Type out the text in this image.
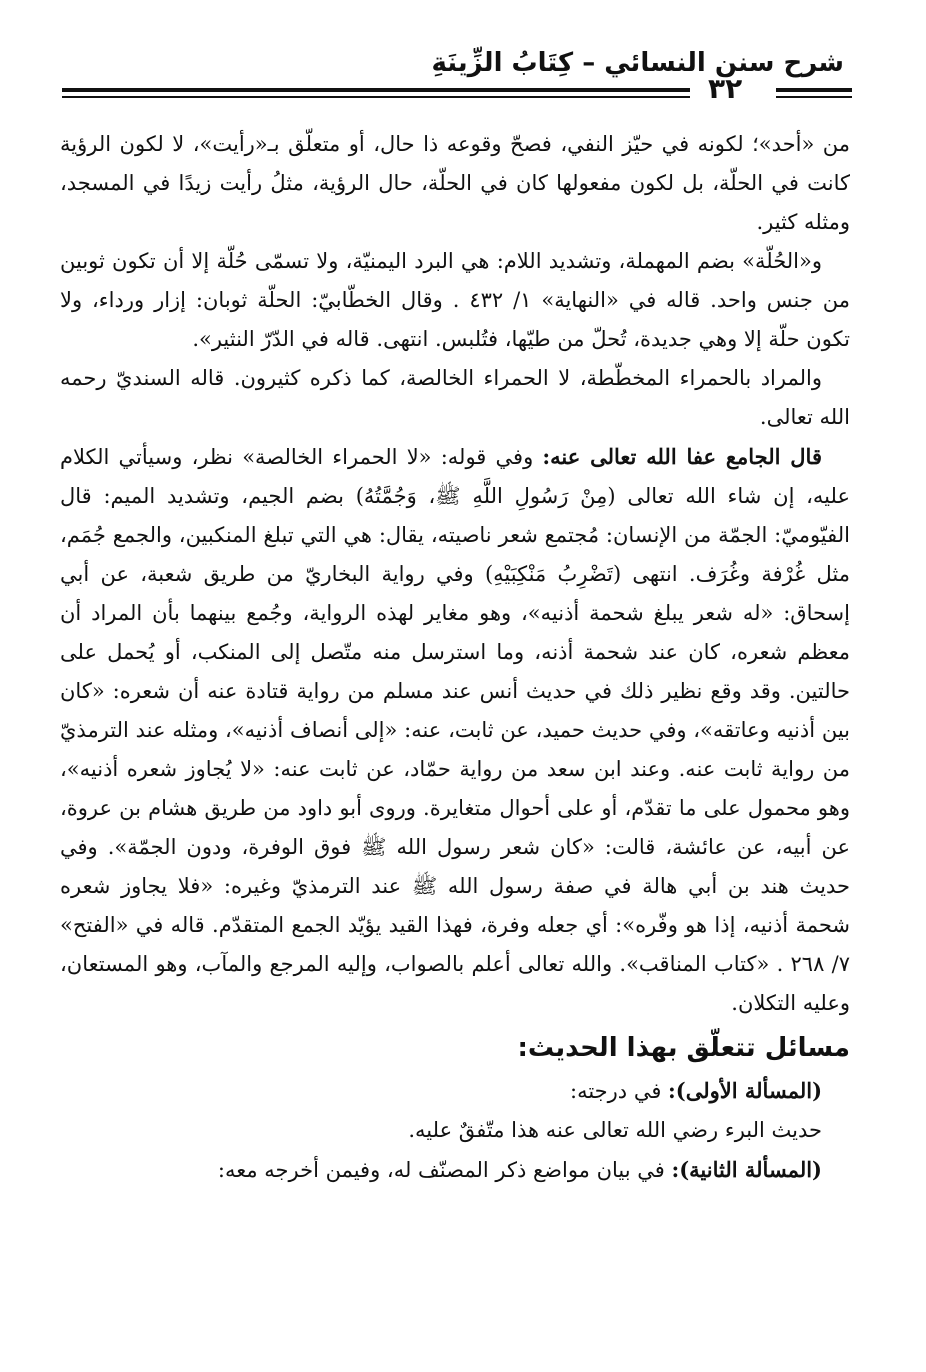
شرح سنن النسائي – كِتَابُ الزِّينَةِ
٣٢

من «أحد»؛ لكونه في حيّز النفي، فصحّ وقوعه ذا حال، أو متعلّق بـ«رأيت»، لا لكون الرؤية كانت في الحلّة، بل لكون مفعولها كان في الحلّة، حال الرؤية، مثلُ رأيت زيدًا في المسجد، ومثله كثير.

و«الحُلّة» بضم المهملة، وتشديد اللام: هي البرد اليمنيّة، ولا تسمّى حُلّة إلا أن تكون ثوبين من جنس واحد. قاله في «النهاية» ١/ ٤٣٢ . وقال الخطّابيّ: الحلّة ثوبان: إزار ورداء، ولا تكون حلّة إلا وهي جديدة، تُحلّ من طيّها، فتُلبس. انتهى. قاله في الدّرّ النثير».

والمراد بالحمراء المخطّطة، لا الحمراء الخالصة، كما ذكره كثيرون. قاله السنديّ رحمه الله تعالى.

قال الجامع عفا الله تعالى عنه: وفي قوله: «لا الحمراء الخالصة» نظر، وسيأتي الكلام عليه، إن شاء الله تعالى (مِنْ رَسُولِ اللَّهِ ﷺ، وَجُمَّتُهُ) بضم الجيم، وتشديد الميم: قال الفيّوميّ: الجمّة من الإنسان: مُجتمع شعر ناصيته، يقال: هي التي تبلغ المنكبين، والجمع جُمَم، مثل غُرْفة وغُرَف. انتهى (تَضْرِبُ مَنْكِبَيْهِ) وفي رواية البخاريّ من طريق شعبة، عن أبي إسحاق: «له شعر يبلغ شحمة أذنيه»، وهو مغاير لهذه الرواية، وجُمع بينهما بأن المراد أن معظم شعره، كان عند شحمة أذنه، وما استرسل منه متّصل إلى المنكب، أو يُحمل على حالتين. وقد وقع نظير ذلك في حديث أنس عند مسلم من رواية قتادة عنه أن شعره: «كان بين أذنيه وعاتقه»، وفي حديث حميد، عن ثابت، عنه: «إلى أنصاف أذنيه»، ومثله عند الترمذيّ من رواية ثابت عنه. وعند ابن سعد من رواية حمّاد، عن ثابت عنه: «لا يُجاوز شعره أذنيه»، وهو محمول على ما تقدّم، أو على أحوال متغايرة. وروى أبو داود من طريق هشام بن عروة، عن أبيه، عن عائشة، قالت: «كان شعر رسول الله ﷺ فوق الوفرة، ودون الجمّة». وفي حديث هند بن أبي هالة في صفة رسول الله ﷺ عند الترمذيّ وغيره: «فلا يجاوز شعره شحمة أذنيه، إذا هو وفّره»: أي جعله وفرة، فهذا القيد يؤيّد الجمع المتقدّم. قاله في «الفتح» ٧/ ٢٦٨ . «كتاب المناقب». والله تعالى أعلم بالصواب، وإليه المرجع والمآب، وهو المستعان، وعليه التكلان.

مسائل تتعلّق بهذا الحديث:

(المسألة الأولى): في درجته:

حديث البرء رضي الله تعالى عنه هذا متّفقٌ عليه.

(المسألة الثانية): في بيان مواضع ذكر المصنّف له، وفيمن أخرجه معه:
